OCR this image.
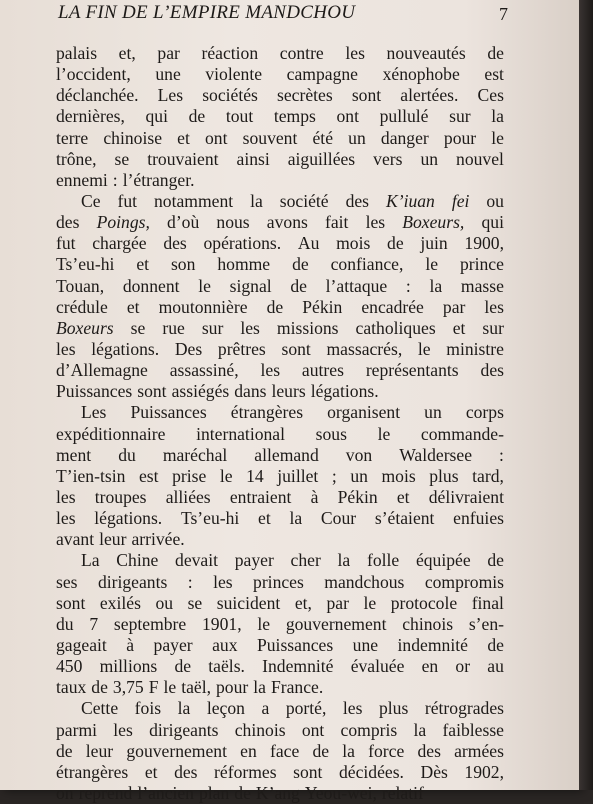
LA FIN DE L’EMPIRE MANDCHOU	7
palais et, par réaction contre les nouveautés de
l’occident, une violente campagne xénophobe est
déclanchée. Les sociétés secrètes sont alertées. Ces
dernières, qui de tout temps ont pullulé sur la
terre chinoise et ont souvent été un danger pour le
trône, se trouvaient ainsi aiguillées vers un nouvel
ennemi : l’étranger.
Ce fut notamment la société des K’iuan fei ou
des Poings, d’où nous avons fait les Boxeurs, qui
fut chargée des opérations. Au mois de juin 1900,
Ts’eu-hi et son homme de confiance, le prince
Touan, donnent le signal de l’attaque : la masse
crédule et moutonnière de Pékin encadrée par les
Boxeurs se rue sur les missions catholiques et sur
les légations. Des prêtres sont massacrés, le ministre
d’Allemagne assassiné, les autres représentants des
Puissances sont assiégés dans leurs légations.
Les Puissances étrangères organisent un corps
expéditionnaire international sous le commande-
ment du maréchal allemand von Waldersee :
T’ien-tsin est prise le 14 juillet ; un mois plus tard,
les troupes alliées entraient à Pékin et délivraient
les légations. Ts’eu-hi et la Cour s’étaient enfuies
avant leur arrivée.
La Chine devait payer cher la folle équipée de
ses dirigeants : les princes mandchous compromis
sont exilés ou se suicident et, par le protocole final
du 7 septembre 1901, le gouvernement chinois s’en-
gageait à payer aux Puissances une indemnité de
450 millions de taëls. Indemnité évaluée en or au
taux de 3,75 F le taël, pour la France.
Cette fois la leçon a porté, les plus rétrogrades
parmi les dirigeants chinois ont compris la faiblesse
de leur gouvernement en face de la force des armées
étrangères et des réformes sont décidées. Dès 1902,
on reprend l’ancien plan de K’ang Yeou-wei, relatif
